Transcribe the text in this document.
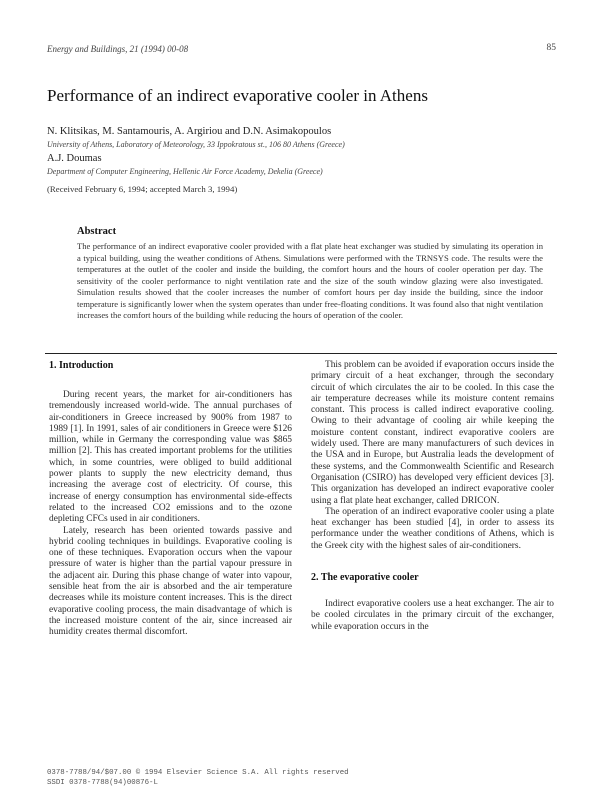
Energy and Buildings, 21 (1994) 00-08	85
Performance of an indirect evaporative cooler in Athens

N. Klitsikas, M. Santamouris, A. Argiriou and D.N. Asimakopoulos

University of Athens, Laboratory of Meteorology, 33 Ippokratous st., 106 80 Athens (Greece)

A.J. Doumas

Department of Computer Engineering, Hellenic Air Force Academy, Dekelia (Greece)

(Received February 6, 1994; accepted March 3, 1994)

Abstract

The performance of an indirect evaporative cooler provided with a flat plate heat exchanger was studied by simulating its operation in a typical building, using the weather conditions of Athens. Simulations were performed with the TRNSYS code. The results were the temperatures at the outlet of the cooler and inside the building, the comfort hours and the hours of cooler operation per day. The sensitivity of the cooler performance to night ventilation rate and the size of the south window glazing were also investigated. Simulation results showed that the cooler increases the number of comfort hours per day inside the building, since the indoor temperature is significantly lower when the system operates than under free-floating conditions. It was found also that night ventilation increases the comfort hours of the building while reducing the hours of operation of the cooler.

1. Introduction

During recent years, the market for air-conditioners has tremendously increased world-wide. The annual purchases of air-conditioners in Greece increased by 900% from 1987 to 1989 [1]. In 1991, sales of air conditioners in Greece were $126 million, while in Germany the corresponding value was $865 million [2]. This has created important problems for the utilities which, in some countries, were obliged to build additional power plants to supply the new electricity demand, thus increasing the average cost of electricity. Of course, this increase of energy consumption has environmental side-effects related to the increased CO2 emissions and to the ozone depleting CFCs used in air conditioners.

Lately, research has been oriented towards passive and hybrid cooling techniques in buildings. Evaporative cooling is one of these techniques. Evaporation occurs when the vapour pressure of water is higher than the partial vapour pressure in the adjacent air. During this phase change of water into vapour, sensible heat from the air is absorbed and the air temperature decreases while its moisture content increases. This is the direct evaporative cooling process, the main disadvantage of which is the increased moisture content of the air, since increased air humidity creates thermal discomfort.

This problem can be avoided if evaporation occurs inside the primary circuit of a heat exchanger, through the secondary circuit of which circulates the air to be cooled. In this case the air temperature decreases while its moisture content remains constant. This process is called indirect evaporative cooling. Owing to their advantage of cooling air while keeping the moisture content constant, indirect evaporative coolers are widely used. There are many manufacturers of such devices in the USA and in Europe, but Australia leads the development of these systems, and the Commonwealth Scientific and Research Organisation (CSIRO) has developed very efficient devices [3]. This organization has developed an indirect evaporative cooler using a flat plate heat exchanger, called DRICON.

The operation of an indirect evaporative cooler using a plate heat exchanger has been studied [4], in order to assess its performance under the weather conditions of Athens, which is the Greek city with the highest sales of air-conditioners.

2. The evaporative cooler

Indirect evaporative coolers use a heat exchanger. The air to be cooled circulates in the primary circuit of the exchanger, while evaporation occurs in the

0378-7788/94/$07.00 © 1994 Elsevier Science S.A. All rights reserved

SSDI 0378-7788(94)00876-L
